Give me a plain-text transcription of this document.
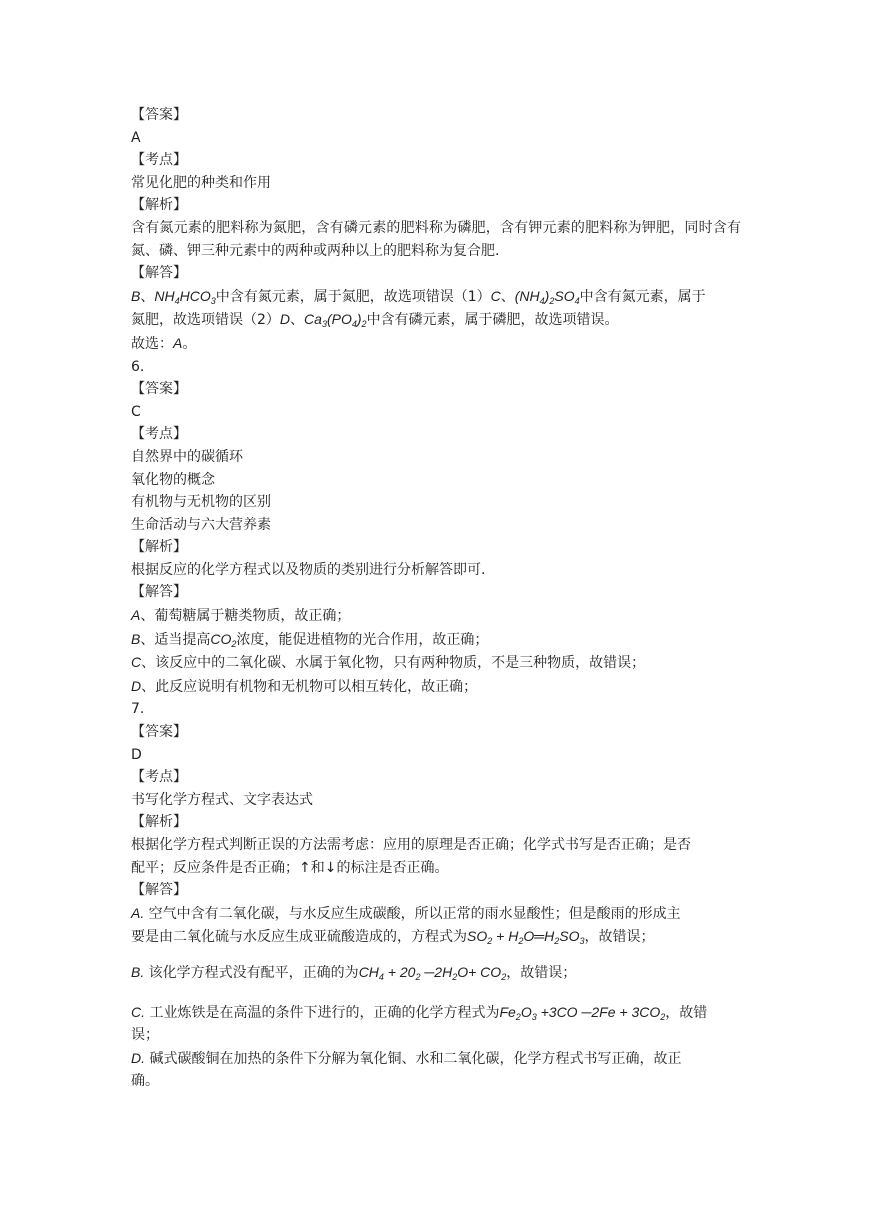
【答案】
A
【考点】
常见化肥的种类和作用
【解析】
含有氮元素的肥料称为氮肥，含有磷元素的肥料称为磷肥，含有钾元素的肥料称为钾肥，同时含有氮、磷、钾三种元素中的两种或两种以上的肥料称为复合肥.
【解答】
B、$NH_4HCO_3$中含有氮元素，属于氮肥，故选项错误（1）C、$(NH_4)_2SO_4$中含有氮元素，属于
氮肥，故选项错误（2）D、$Ca_3(PO_4)_2$中含有磷元素，属于磷肥，故选项错误。
故选：A。
6.
【答案】
C
【考点】
自然界中的碳循环
氧化物的概念
有机物与无机物的区别
生命活动与六大营养素
【解析】
根据反应的化学方程式以及物质的类别进行分析解答即可.
【解答】
A、葡萄糖属于糖类物质，故正确；
B、适当提高$CO_2$浓度，能促进植物的光合作用，故正确；
C、该反应中的二氧化碳、水属于氧化物，只有两种物质，不是三种物质，故错误；
D、此反应说明有机物和无机物可以相互转化，故正确；
7.
【答案】
D
【考点】
书写化学方程式、文字表达式
【解析】
根据化学方程式判断正误的方法需考虑：应用的原理是否正确；化学式书写是否正确；是否
配平；反应条件是否正确；↑和↓的标注是否正确。
【解答】
A. 空气中含有二氧化碳，与水反应生成碳酸，所以正常的雨水显酸性；但是酸雨的形成主
要是由二氧化硫与水反应生成亚硫酸造成的，方程式为$SO_2$ + $H_2O═H_2SO_3$，故错误；
B. 该化学方程式没有配平，正确的为$CH_4 + 20_2$ $─2H_2O+ CO_2$，故错误；
C. 工业炼铁是在高温的条件下进行的，正确的化学方程式为$Fe_2O_3 +3CO$ ─2Fe + $3CO_2$，故错
误；
D. 碱式碳酸铜在加热的条件下分解为氧化铜、水和二氧化碳，化学方程式书写正确，故正
确。
